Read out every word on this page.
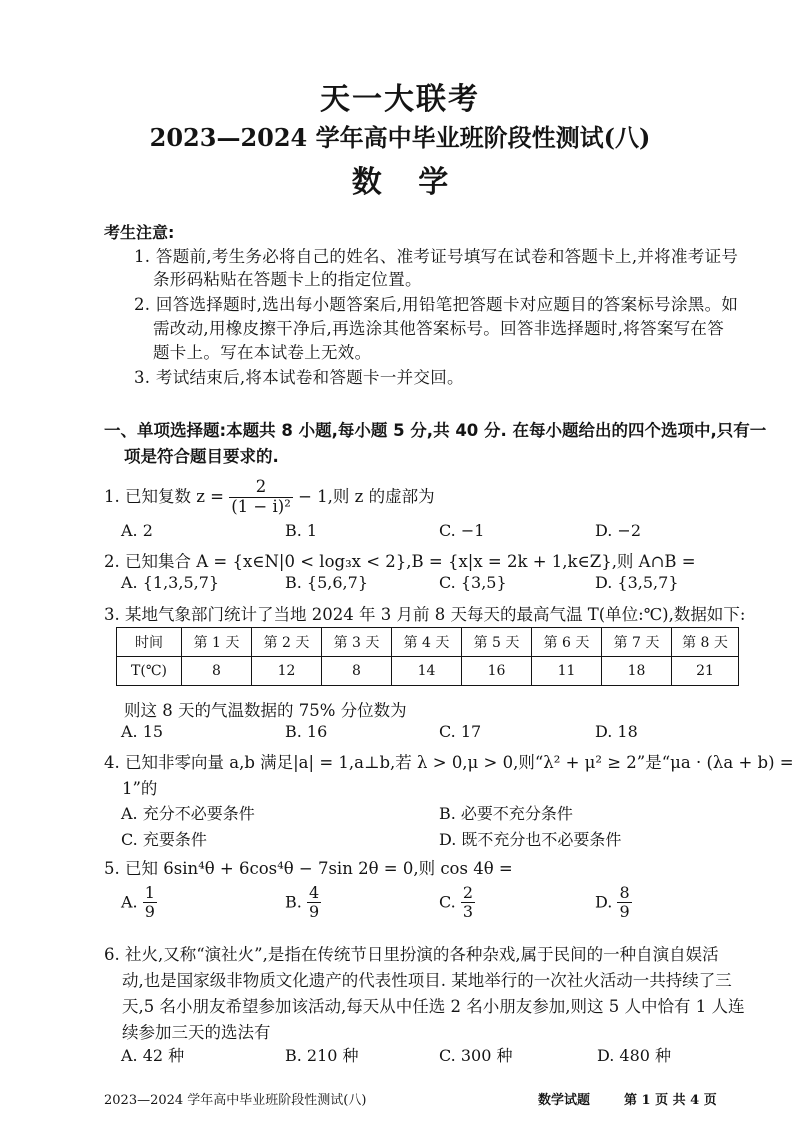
天一大联考
2023—2024 学年高中毕业班阶段性测试(八)
数 学
考生注意:
1. 答题前,考生务必将自己的姓名、准考证号填写在试卷和答题卡上,并将准考证号
条形码粘贴在答题卡上的指定位置。
2. 回答选择题时,选出每小题答案后,用铅笔把答题卡对应题目的答案标号涂黑。如
需改动,用橡皮擦干净后,再选涂其他答案标号。回答非选择题时,将答案写在答
题卡上。写在本试卷上无效。
3. 考试结束后,将本试卷和答题卡一并交回。
一、单项选择题:本题共 8 小题,每小题 5 分,共 40 分. 在每小题给出的四个选项中,只有一
项是符合题目要求的.
1. 已知复数 $z = \frac{2}{\text{(1 − i)²}} - 1$,则 z 的虚部为
A. 2	B. 1	C. −1	D. −2
2. 已知集合 A = {x∈N|0 < log₃x < 2},B = {x|x = 2k + 1,k∈Z},则 A∩B =
A. {1,3,5,7}	B. {5,6,7}	C. {3,5}	D. {3,5,7}
3. 某地气象部门统计了当地 2024 年 3 月前 8 天每天的最高气温 T(单位:℃),数据如下:
时间	第 1 天	第 2 天	第 3 天	第 4 天	第 5 天	第 6 天	第 7 天	第 8 天
T(℃)	8	12	8	14	16	11	18	21
则这 8 天的气温数据的 75% 分位数为
A. 15	B. 16	C. 17	D. 18
4. 已知非零向量 a,b 满足|a| = 1,a⊥b,若 λ > 0,μ > 0,则“λ² + μ² ≥ 2”是“μa · (λa + b) =
1”的
A. 充分不必要条件	B. 必要不充分条件
C. 充要条件	D. 既不充分也不必要条件
5. 已知 6sin⁴θ + 6cos⁴θ − 7sin 2θ = 0,则 cos 4θ =
A. $\frac{1}{9}$	B. $\frac{4}{9}$	C. $\frac{2}{3}$	D. $\frac{8}{9}$
6. 社火,又称“演社火”,是指在传统节日里扮演的各种杂戏,属于民间的一种自演自娱活
动,也是国家级非物质文化遗产的代表性项目. 某地举行的一次社火活动一共持续了三
天,5 名小朋友希望参加该活动,每天从中任选 2 名小朋友参加,则这 5 人中恰有 1 人连
续参加三天的选法有
A. 42 种	B. 210 种	C. 300 种	D. 480 种
2023—2024 学年高中毕业班阶段性测试(八)	数学试题	第 1 页 共 4 页
